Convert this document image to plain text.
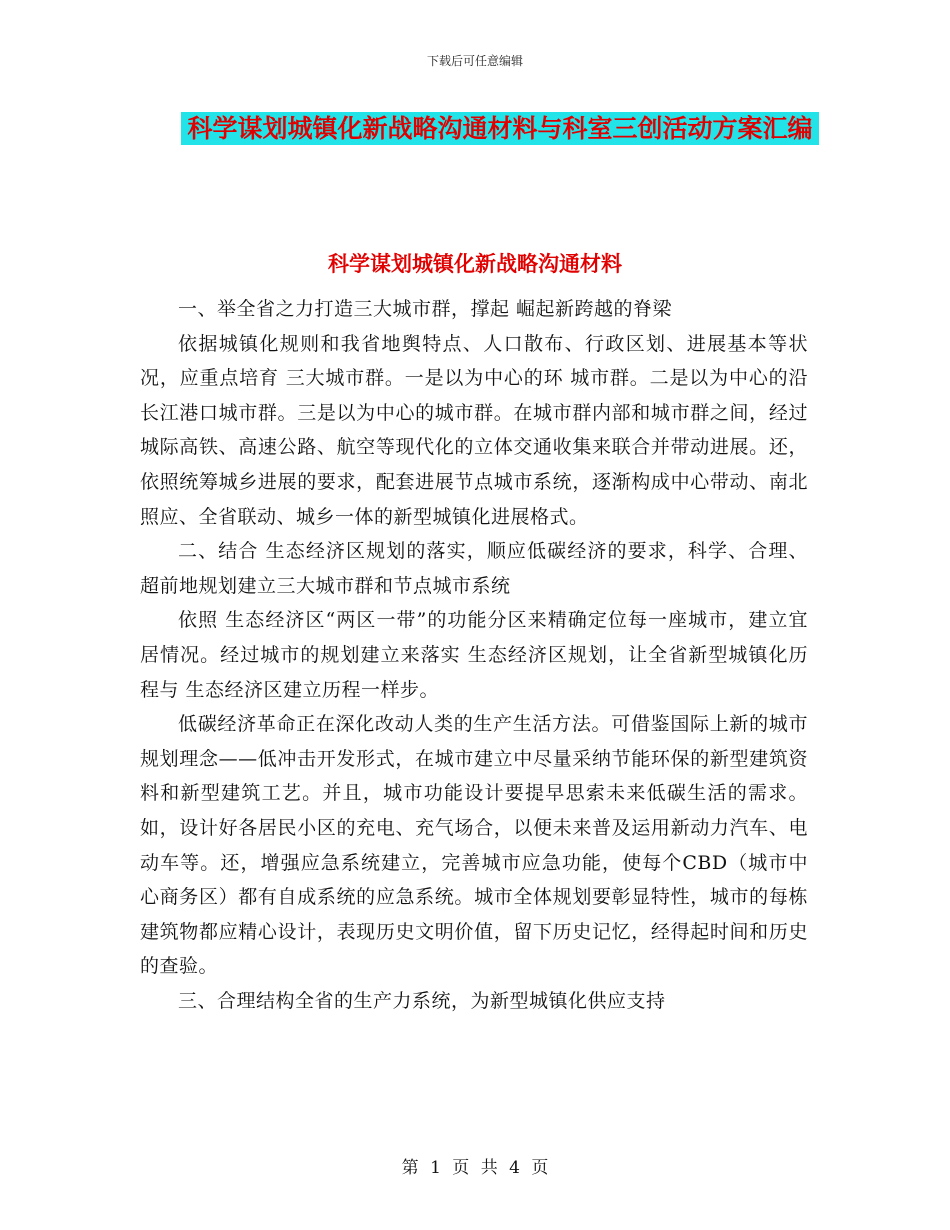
下载后可任意编辑
科学谋划城镇化新战略沟通材料与科室三创活动方案汇编
科学谋划城镇化新战略沟通材料

一、举全省之力打造三大城市群，撑起 崛起新跨越的脊梁

依据城镇化规则和我省地舆特点、人口散布、行政区划、进展基本等状况，应重点培育 三大城市群。一是以为中心的环 城市群。二是以为中心的沿长江港口城市群。三是以为中心的城市群。在城市群内部和城市群之间，经过城际高铁、高速公路、航空等现代化的立体交通收集来联合并带动进展。还，依照统筹城乡进展的要求，配套进展节点城市系统，逐渐构成中心带动、南北照应、全省联动、城乡一体的新型城镇化进展格式。

二、结合 生态经济区规划的落实，顺应低碳经济的要求，科学、合理、超前地规划建立三大城市群和节点城市系统

依照 生态经济区“两区一带”的功能分区来精确定位每一座城市，建立宜居情况。经过城市的规划建立来落实 生态经济区规划，让全省新型城镇化历程与 生态经济区建立历程一样步。

低碳经济革命正在深化改动人类的生产生活方法。可借鉴国际上新的城市规划理念——低冲击开发形式，在城市建立中尽量采纳节能环保的新型建筑资料和新型建筑工艺。并且，城市功能设计要提早思索未来低碳生活的需求。如，设计好各居民小区的充电、充气场合，以便未来普及运用新动力汽车、电动车等。还，增强应急系统建立，完善城市应急功能，使每个CBD（城市中心商务区）都有自成系统的应急系统。城市全体规划要彰显特性，城市的每栋建筑物都应精心设计，表现历史文明价值，留下历史记忆，经得起时间和历史的查验。

三、合理结构全省的生产力系统，为新型城镇化供应支持

第 1 页 共 4 页
